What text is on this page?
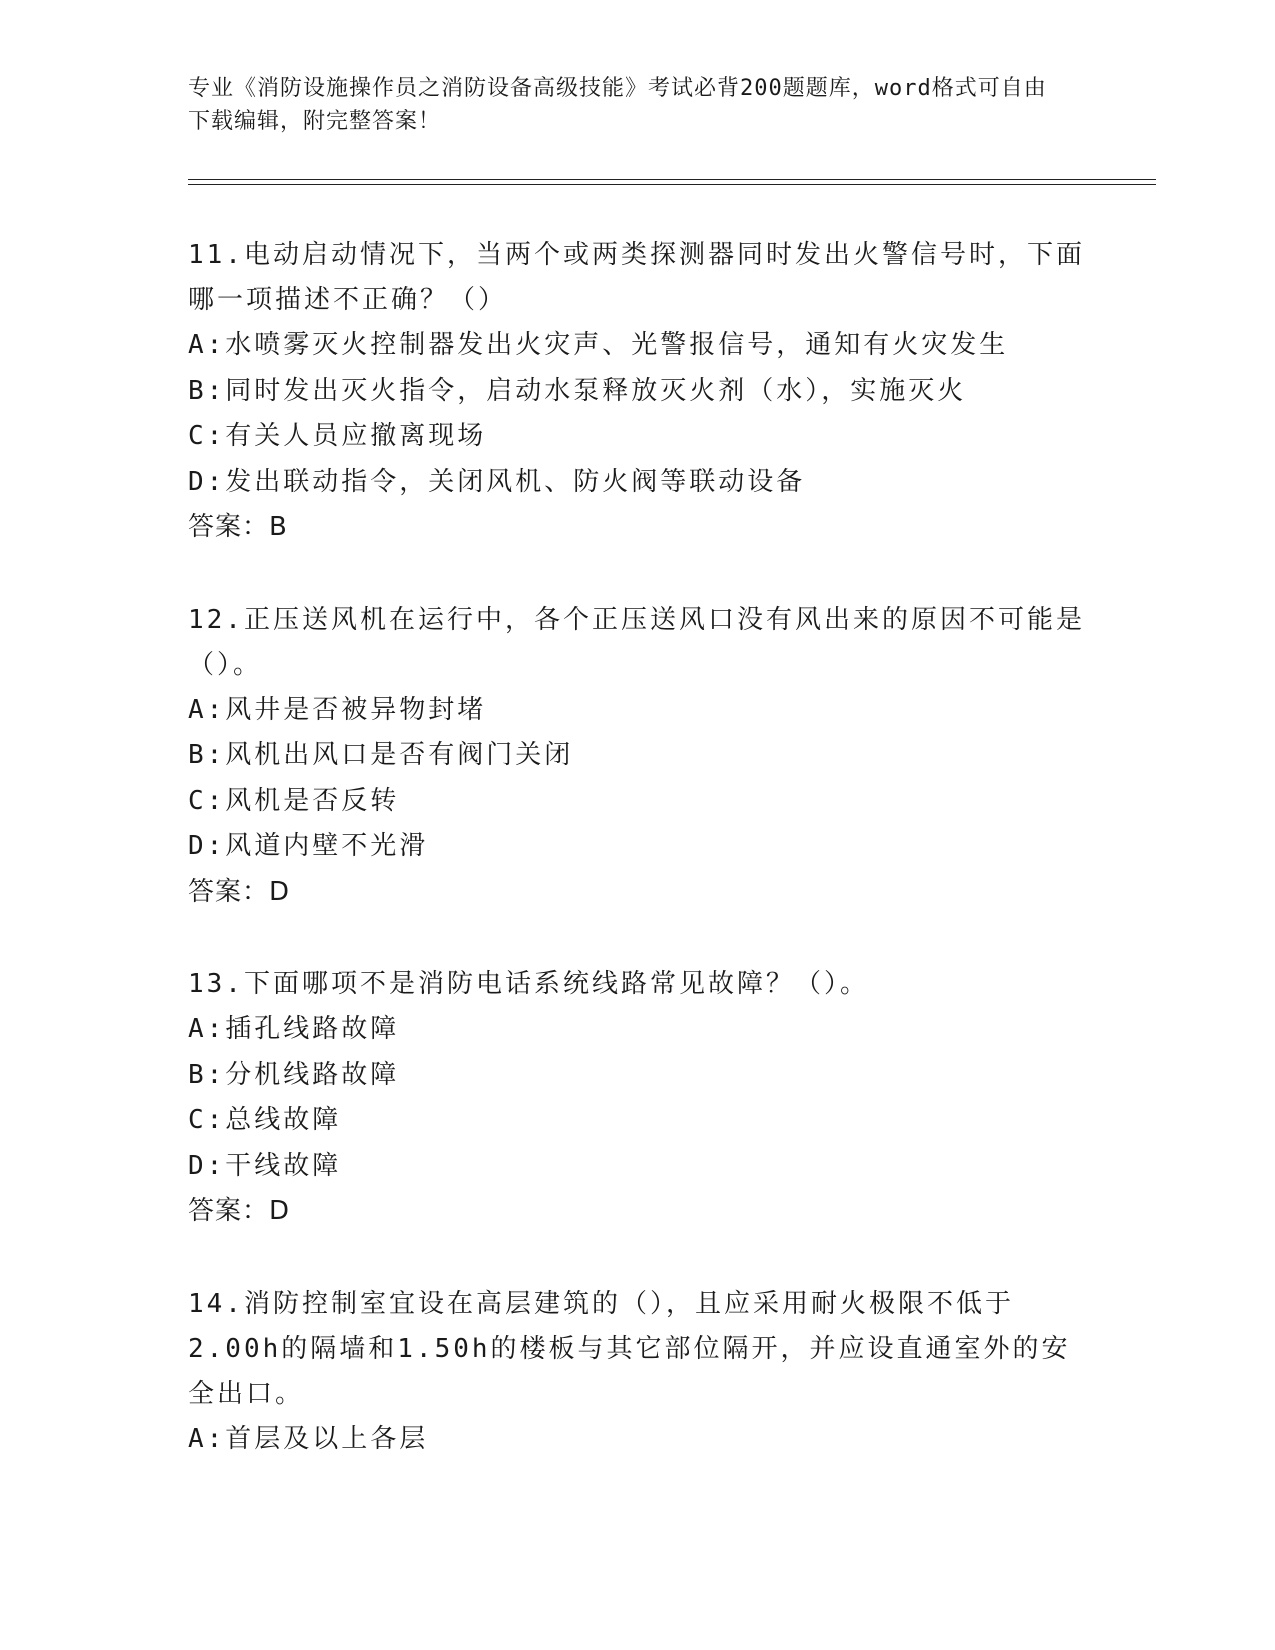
专业《消防设施操作员之消防设备高级技能》考试必背200题题库，word格式可自由下载编辑，附完整答案！
11.电动启动情况下，当两个或两类探测器同时发出火警信号时，下面哪一项描述不正确？（）
A:水喷雾灭火控制器发出火灾声、光警报信号，通知有火灾发生
B:同时发出灭火指令，启动水泵释放灭火剂（水），实施灭火
C:有关人员应撤离现场
D:发出联动指令，关闭风机、防火阀等联动设备
答案：B
12.正压送风机在运行中，各个正压送风口没有风出来的原因不可能是（）。
A:风井是否被异物封堵
B:风机出风口是否有阀门关闭
C:风机是否反转
D:风道内壁不光滑
答案：D
13.下面哪项不是消防电话系统线路常见故障？（）。
A:插孔线路故障
B:分机线路故障
C:总线故障
D:干线故障
答案：D
14.消防控制室宜设在高层建筑的（），且应采用耐火极限不低于2.00h的隔墙和1.50h的楼板与其它部位隔开，并应设直通室外的安全出口。
A:首层及以上各层
